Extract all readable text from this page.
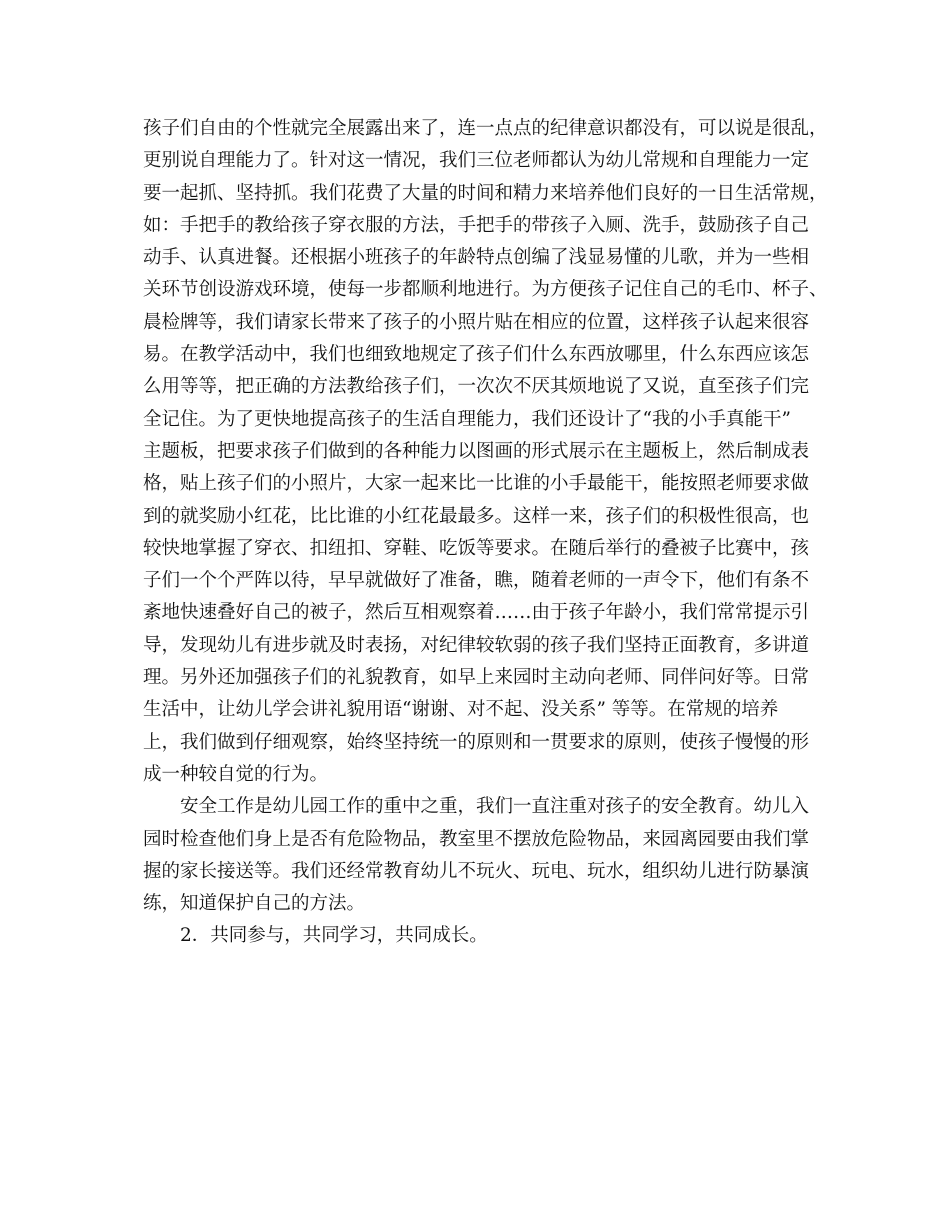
孩子们自由的个性就完全展露出来了，连一点点的纪律意识都没有，可以说是很乱，
更别说自理能力了。针对这一情况，我们三位老师都认为幼儿常规和自理能力一定
要一起抓、坚持抓。我们花费了大量的时间和精力来培养他们良好的一日生活常规，
如：手把手的教给孩子穿衣服的方法，手把手的带孩子入厕、洗手，鼓励孩子自己
动手、认真进餐。还根据小班孩子的年龄特点创编了浅显易懂的儿歌，并为一些相
关环节创设游戏环境，使每一步都顺利地进行。为方便孩子记住自己的毛巾、杯子、
晨检牌等，我们请家长带来了孩子的小照片贴在相应的位置，这样孩子认起来很容
易。在教学活动中，我们也细致地规定了孩子们什么东西放哪里，什么东西应该怎
么用等等，把正确的方法教给孩子们，一次次不厌其烦地说了又说，直至孩子们完
全记住。为了更快地提高孩子的生活自理能力，我们还设计了“我的小手真能干”
主题板，把要求孩子们做到的各种能力以图画的形式展示在主题板上，然后制成表
格，贴上孩子们的小照片，大家一起来比一比谁的小手最能干，能按照老师要求做
到的就奖励小红花，比比谁的小红花最最多。这样一来，孩子们的积极性很高，也
较快地掌握了穿衣、扣纽扣、穿鞋、吃饭等要求。在随后举行的叠被子比赛中，孩
子们一个个严阵以待，早早就做好了准备，瞧，随着老师的一声令下，他们有条不
紊地快速叠好自己的被子，然后互相观察着……由于孩子年龄小，我们常常提示引
导，发现幼儿有进步就及时表扬，对纪律较软弱的孩子我们坚持正面教育，多讲道
理。另外还加强孩子们的礼貌教育，如早上来园时主动向老师、同伴问好等。日常
生活中，让幼儿学会讲礼貌用语“谢谢、对不起、没关系” 等等。在常规的培养
上，我们做到仔细观察，始终坚持统一的原则和一贯要求的原则，使孩子慢慢的形
成一种较自觉的行为。
安全工作是幼儿园工作的重中之重，我们一直注重对孩子的安全教育。幼儿入
园时检查他们身上是否有危险物品，教室里不摆放危险物品，来园离园要由我们掌
握的家长接送等。我们还经常教育幼儿不玩火、玩电、玩水，组织幼儿进行防暴演
练，知道保护自己的方法。
2．共同参与，共同学习，共同成长。
